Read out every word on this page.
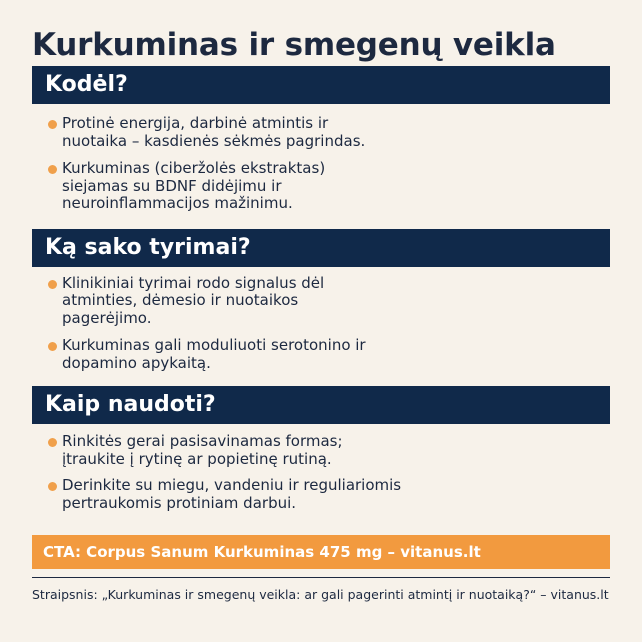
Kurkuminas ir smegenų veikla
Kodėl?
Protinė energija, darbinė atmintis ir nuotaika – kasdienės sėkmės pagrindas.
Kurkuminas (ciberžolės ekstraktas) siejamas su BDNF didėjimu ir neuroinflammacijos mažinimu.
Ką sako tyrimai?
Klinikiniai tyrimai rodo signalus dėl atminties, dėmesio ir nuotaikos pagerėjimo.
Kurkuminas gali moduliuoti serotonino ir dopamino apykaitą.
Kaip naudoti?
Rinkitės gerai pasisavinamas formas; įtraukite į rytinę ar popietinę rutiną.
Derinkite su miegu, vandeniu ir reguliariomis pertraukomis protiniam darbui.
CTA: Corpus Sanum Kurkuminas 475 mg – vitanus.lt
Straipsnis: „Kurkuminas ir smegenų veikla: ar gali pagerinti atmintį ir nuotaiką?“ – vitanus.lt
